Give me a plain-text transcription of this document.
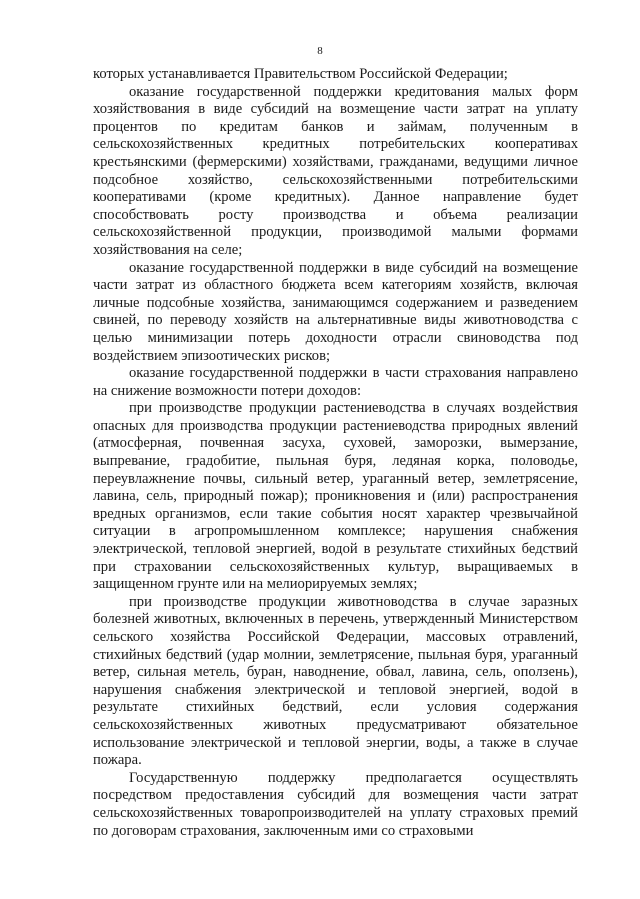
8

которых устанавливается Правительством Российской Федерации;

оказание государственной поддержки кредитования малых форм хозяйствования в виде субсидий на возмещение части затрат на уплату процентов по кредитам банков и займам, полученным в сельскохозяйственных кредитных потребительских кооперативах крестьянскими (фермерскими) хозяйствами, гражданами, ведущими личное подсобное хозяйство, сельскохозяйственными потребительскими кооперативами (кроме кредитных). Данное направление будет способствовать росту производства и объема реализации сельскохозяйственной продукции, производимой малыми формами хозяйствования на селе;

оказание государственной поддержки в виде субсидий на возмещение части затрат из областного бюджета всем категориям хозяйств, включая личные подсобные хозяйства, занимающимся содержанием и разведением свиней, по переводу хозяйств на альтернативные виды животноводства с целью минимизации потерь доходности отрасли свиноводства под воздействием эпизоотических рисков;

оказание государственной поддержки в части страхования направлено на снижение возможности потери доходов:

при производстве продукции растениеводства в случаях воздействия опасных для производства продукции растениеводства природных явлений (атмосферная, почвенная засуха, суховей, заморозки, вымерзание, выпревание, градобитие, пыльная буря, ледяная корка, половодье, переувлажнение почвы, сильный ветер, ураганный ветер, землетрясение, лавина, сель, природный пожар); проникновения и (или) распространения вредных организмов, если такие события носят характер чрезвычайной ситуации в агропромышленном комплексе; нарушения снабжения электрической, тепловой энергией, водой в результате стихийных бедствий при страховании сельскохозяйственных культур, выращиваемых в защищенном грунте или на мелиорируемых землях;

при производстве продукции животноводства в случае заразных болезней животных, включенных в перечень, утвержденный Министерством сельского хозяйства Российской Федерации, массовых отравлений, стихийных бедствий (удар молнии, землетрясение, пыльная буря, ураганный ветер, сильная метель, буран, наводнение, обвал, лавина, сель, оползень), нарушения снабжения электрической и тепловой энергией, водой в результате стихийных бедствий, если условия содержания сельскохозяйственных животных предусматривают обязательное использование электрической и тепловой энергии, воды, а также в случае пожара.

Государственную поддержку предполагается осуществлять посредством предоставления субсидий для возмещения части затрат сельскохозяйственных товаропроизводителей на уплату страховых премий по договорам страхования, заключенным ими со страховыми
